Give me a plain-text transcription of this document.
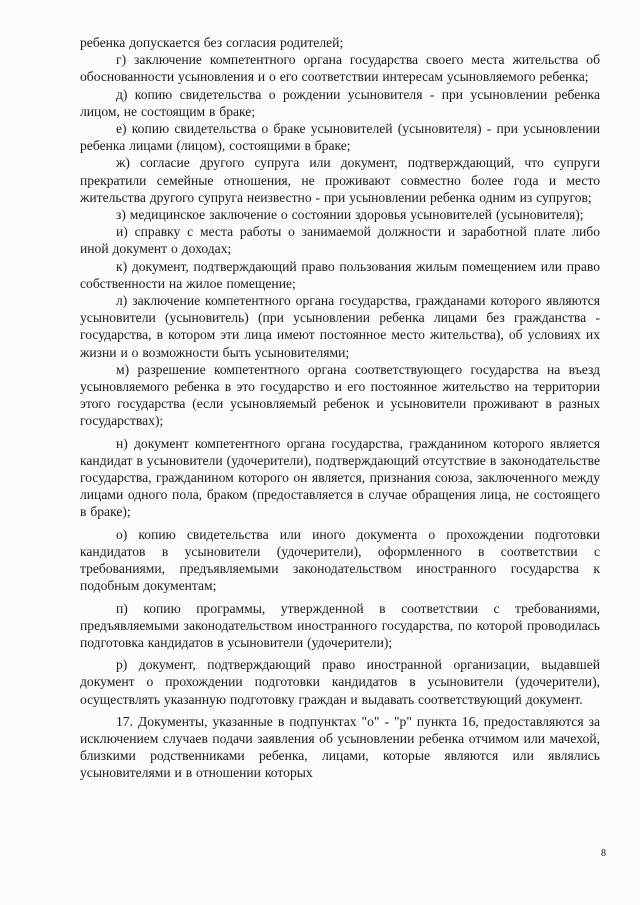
ребенка допускается без согласия родителей;

г) заключение компетентного органа государства своего места жительства об обоснованности усыновления и о его соответствии интересам усыновляемого ребенка;

д) копию свидетельства о рождении усыновителя - при усыновлении ребенка лицом, не состоящим в браке;

е) копию свидетельства о браке усыновителей (усыновителя) - при усыновлении ребенка лицами (лицом), состоящими в браке;

ж) согласие другого супруга или документ, подтверждающий, что супруги прекратили семейные отношения, не проживают совместно более года и место жительства другого супруга неизвестно - при усыновлении ребенка одним из супругов;

з) медицинское заключение о состоянии здоровья усыновителей (усыновителя);

и) справку с места работы о занимаемой должности и заработной плате либо иной документ о доходах;

к) документ, подтверждающий право пользования жилым помещением или право собственности на жилое помещение;

л) заключение компетентного органа государства, гражданами которого являются усыновители (усыновитель) (при усыновлении ребенка лицами без гражданства - государства, в котором эти лица имеют постоянное место жительства), об условиях их жизни и о возможности быть усыновителями;

м) разрешение компетентного органа соответствующего государства на въезд усыновляемого ребенка в это государство и его постоянное жительство на территории этого государства (если усыновляемый ребенок и усыновители проживают в разных государствах);

н) документ компетентного органа государства, гражданином которого является кандидат в усыновители (удочерители), подтверждающий отсутствие в законодательстве государства, гражданином которого он является, признания союза, заключенного между лицами одного пола, браком (предоставляется в случае обращения лица, не состоящего в браке);

о) копию свидетельства или иного документа о прохождении подготовки кандидатов в усыновители (удочерители), оформленного в соответствии с требованиями, предъявляемыми законодательством иностранного государства к подобным документам;

п) копию программы, утвержденной в соответствии с требованиями, предъявляемыми законодательством иностранного государства, по которой проводилась подготовка кандидатов в усыновители (удочерители);

р) документ, подтверждающий право иностранной организации, выдавшей документ о прохождении подготовки кандидатов в усыновители (удочерители), осуществлять указанную подготовку граждан и выдавать соответствующий документ.

17. Документы, указанные в подпунктах "о" - "р" пункта 16, предоставляются за исключением случаев подачи заявления об усыновлении ребенка отчимом или мачехой, близкими родственниками ребенка, лицами, которые являются или являлись усыновителями и в отношении которых

8
